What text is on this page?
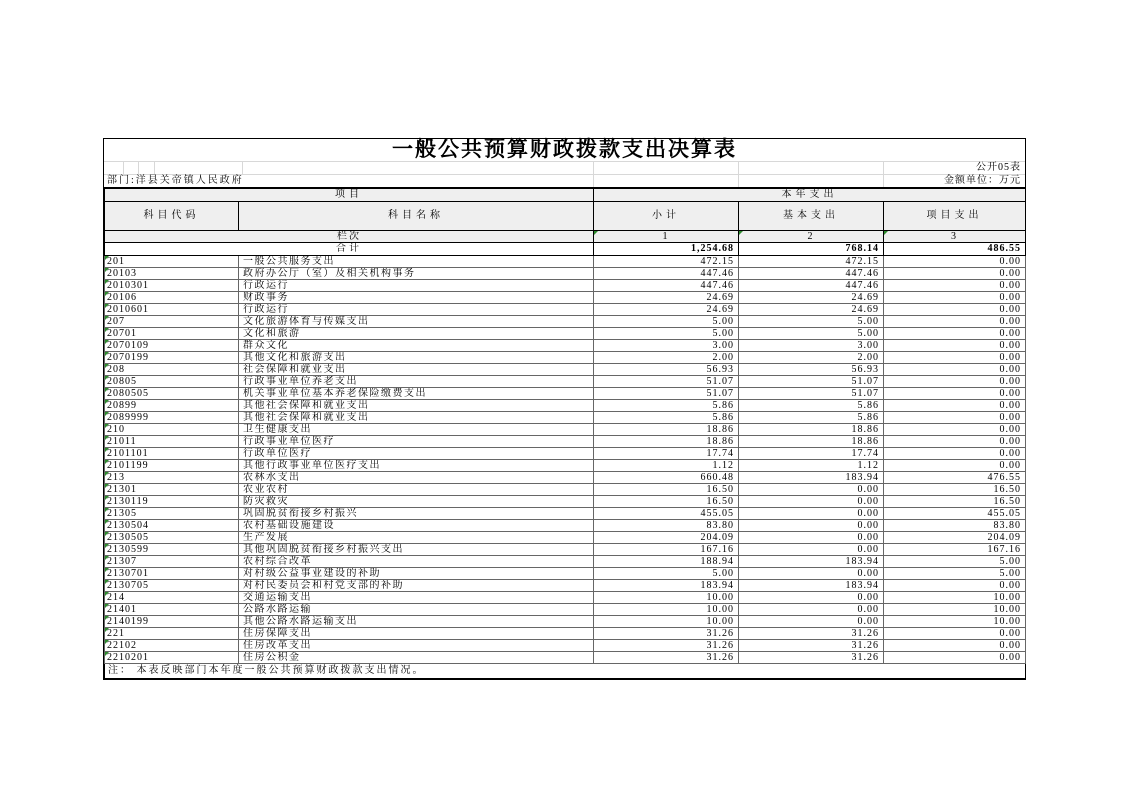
一般公共预算财政拨款支出决算表
公开05表
部门:洋县关帝镇人民政府	金额单位：万元
项目		本年支出		
科目代码	科目名称	小计	基本支出	项目支出
栏次		1	2	3
合计		1,254.68	768.14	486.55

201	一般公共服务支出	472.15	472.15	0.00

20103	政府办公厅（室）及相关机构事务	447.46	447.46	0.00

2010301	行政运行	447.46	447.46	0.00

20106	财政事务	24.69	24.69	0.00

2010601	行政运行	24.69	24.69	0.00

207	文化旅游体育与传媒支出	5.00	5.00	0.00

20701	文化和旅游	5.00	5.00	0.00

2070109	群众文化	3.00	3.00	0.00

2070199	其他文化和旅游支出	2.00	2.00	0.00

208	社会保障和就业支出	56.93	56.93	0.00

20805	行政事业单位养老支出	51.07	51.07	0.00

2080505	机关事业单位基本养老保险缴费支出	51.07	51.07	0.00

20899	其他社会保障和就业支出	5.86	5.86	0.00

2089999	其他社会保障和就业支出	5.86	5.86	0.00

210	卫生健康支出	18.86	18.86	0.00

21011	行政事业单位医疗	18.86	18.86	0.00

2101101	行政单位医疗	17.74	17.74	0.00

2101199	其他行政事业单位医疗支出	1.12	1.12	0.00

213	农林水支出	660.48	183.94	476.55

21301	农业农村	16.50	0.00	16.50

2130119	防灾救灾	16.50	0.00	16.50

21305	巩固脱贫衔接乡村振兴	455.05	0.00	455.05

2130504	农村基础设施建设	83.80	0.00	83.80

2130505	生产发展	204.09	0.00	204.09

2130599	其他巩固脱贫衔接乡村振兴支出	167.16	0.00	167.16

21307	农村综合改革	188.94	183.94	5.00

2130701	对村级公益事业建设的补助	5.00	0.00	5.00

2130705	对村民委员会和村党支部的补助	183.94	183.94	0.00

214	交通运输支出	10.00	0.00	10.00

21401	公路水路运输	10.00	0.00	10.00

2140199	其他公路水路运输支出	10.00	0.00	10.00

221	住房保障支出	31.26	31.26	0.00

22102	住房改革支出	31.26	31.26	0.00

2210201	住房公积金	31.26	31.26	0.00
注： 本表反映部门本年度一般公共预算财政拨款支出情况。				
